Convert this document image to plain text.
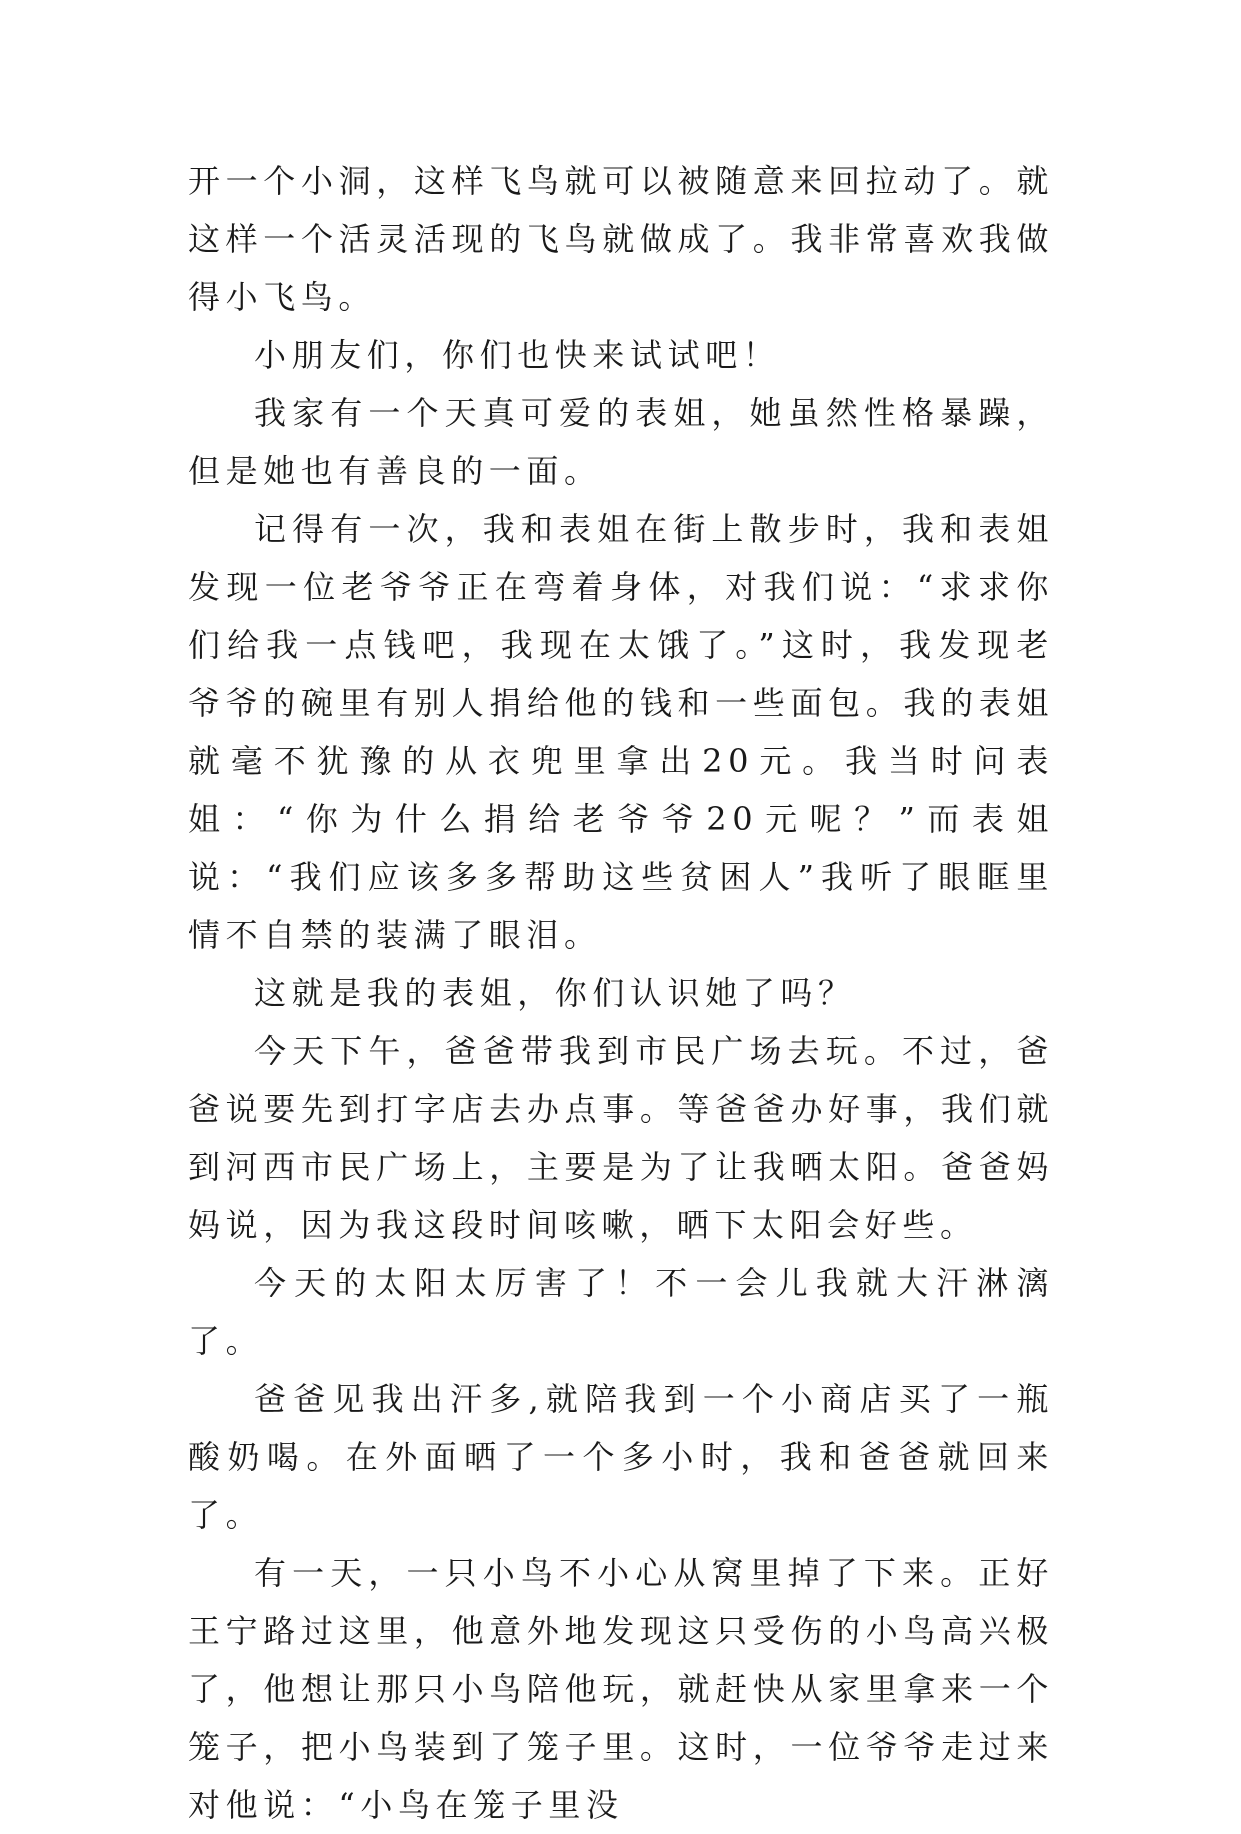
开一个小洞，这样飞鸟就可以被随意来回拉动了。就这样一个活灵活现的飞鸟就做成了。我非常喜欢我做得小飞鸟。

小朋友们，你们也快来试试吧！

我家有一个天真可爱的表姐，她虽然性格暴躁，但是她也有善良的一面。

记得有一次，我和表姐在街上散步时，我和表姐发现一位老爷爷正在弯着身体，对我们说：“求求你们给我一点钱吧，我现在太饿了。”这时，我发现老爷爷的碗里有别人捐给他的钱和一些面包。我的表姐就毫不犹豫的从衣兜里拿出20元。我当时问表姐：“你为什么捐给老爷爷20元呢？”而表姐说：“我们应该多多帮助这些贫困人”我听了眼眶里情不自禁的装满了眼泪。

这就是我的表姐，你们认识她了吗？

今天下午，爸爸带我到市民广场去玩。不过，爸爸说要先到打字店去办点事。等爸爸办好事，我们就到河西市民广场上，主要是为了让我晒太阳。爸爸妈妈说，因为我这段时间咳嗽，晒下太阳会好些。

今天的太阳太厉害了！不一会儿我就大汗淋漓了。

爸爸见我出汗多,就陪我到一个小商店买了一瓶酸奶喝。在外面晒了一个多小时，我和爸爸就回来了。

有一天，一只小鸟不小心从窝里掉了下来。正好王宁路过这里，他意外地发现这只受伤的小鸟高兴极了，他想让那只小鸟陪他玩，就赶快从家里拿来一个笼子，把小鸟装到了笼子里。这时，一位爷爷走过来对他说：“小鸟在笼子里没
